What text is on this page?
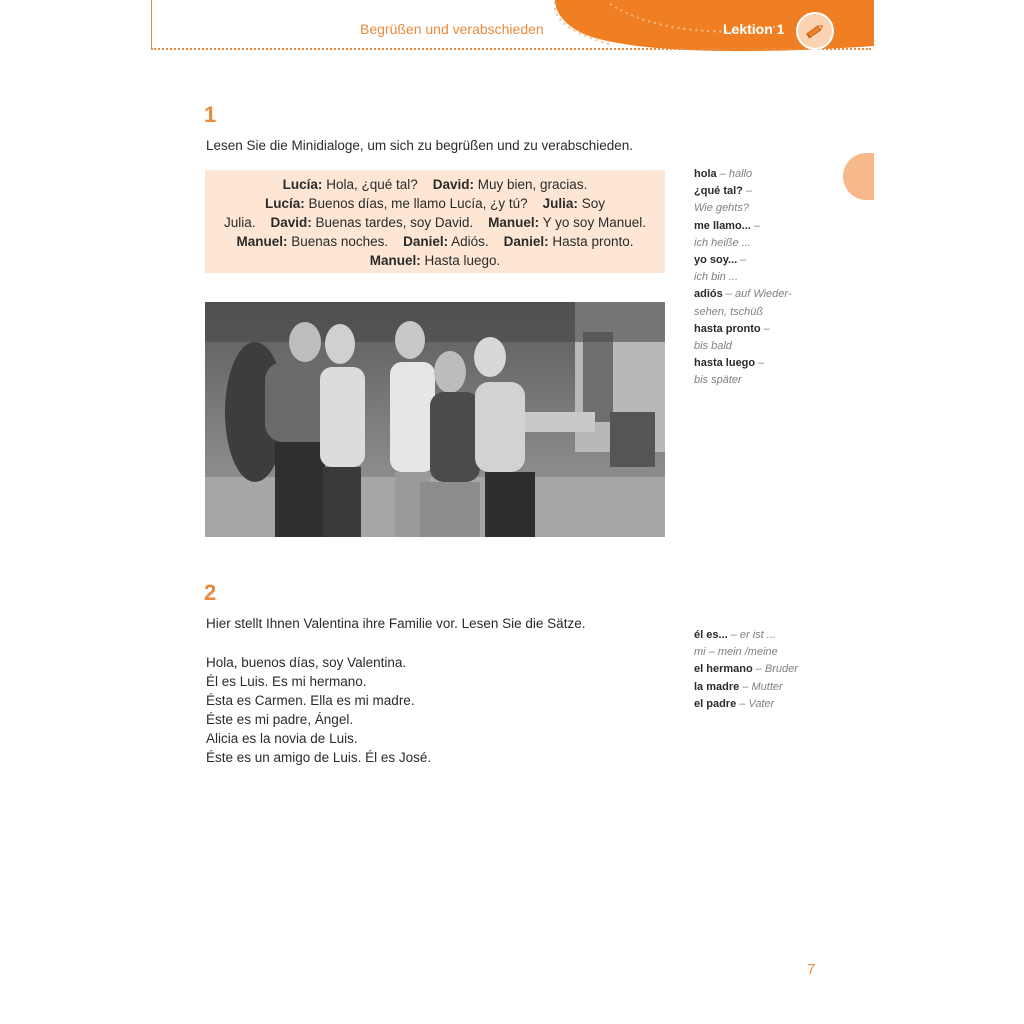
Begrüßen und verabschieden	Lektion 1
1
Lesen Sie die Minidialoge, um sich zu begrüßen und zu verabschieden.
Lucía: Hola, ¿qué tal?    David: Muy bien, gracias.
Lucía: Buenos días, me llamo Lucía, ¿y tú?    Julia: Soy
Julia.    David: Buenas tardes, soy David.    Manuel: Y yo soy Manuel.
Manuel: Buenas noches.    Daniel: Adiós.    Daniel: Hasta pronto.
Manuel: Hasta luego.
hola – hallo
¿qué tal? –
Wie gehts?
me llamo... –
ich heiße ...
yo soy... –
ich bin ...
adiós – auf Wieder- sehen, tschüß
hasta pronto –
bis bald
hasta luego –
bis später
2
Hier stellt Ihnen Valentina ihre Familie vor. Lesen Sie die Sätze.
Hola, buenos días, soy Valentina.
Él es Luis. Es mi hermano.
Ésta es Carmen. Ella es mi madre.
Éste es mi padre, Ángel.
Alicia es la novia de Luis.
Éste es un amigo de Luis. Él es José.
él es... – er ist ...
mi – mein /meine
el hermano – Bruder
la madre – Mutter
el padre – Vater
7
